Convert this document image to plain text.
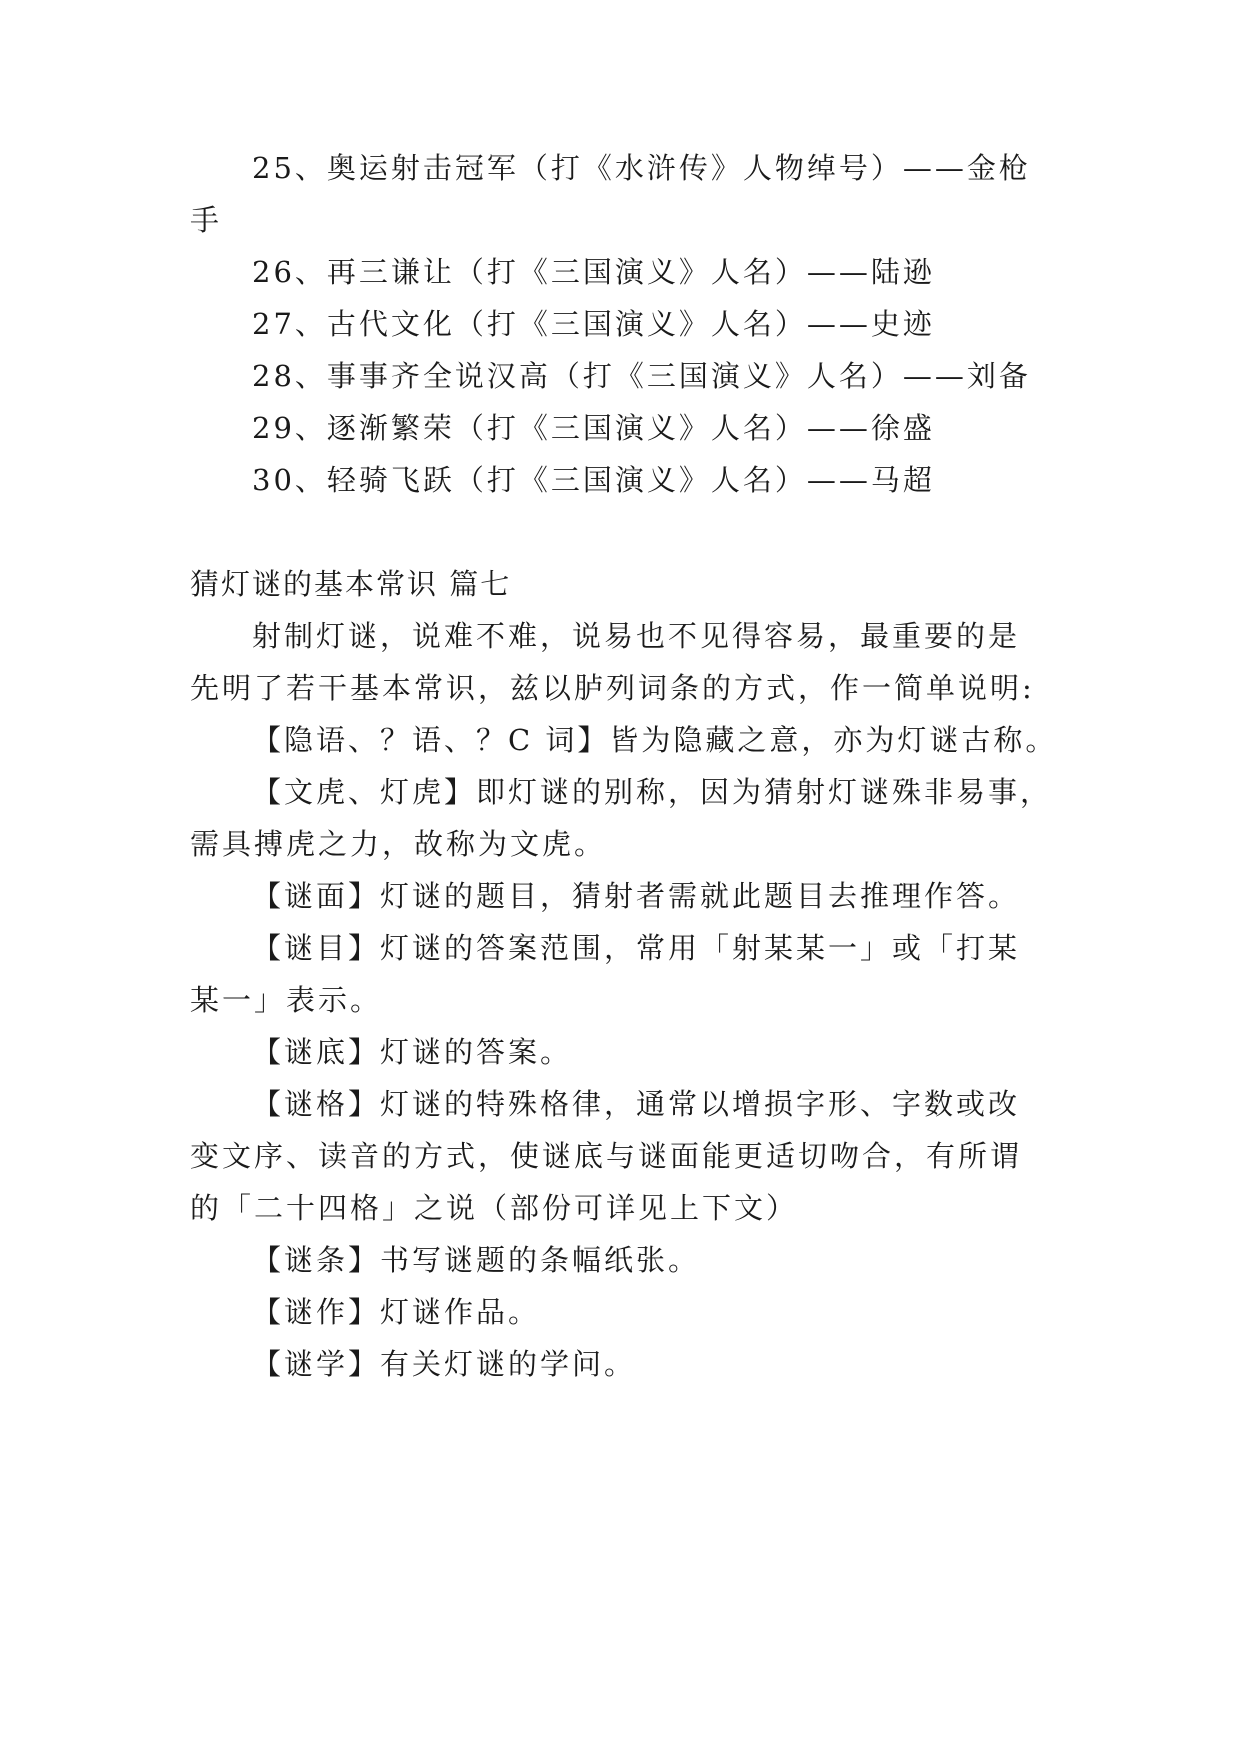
25、奥运射击冠军（打《水浒传》人物绰号）——金枪
手
26、再三谦让（打《三国演义》人名）——陆逊
27、古代文化（打《三国演义》人名）——史迹
28、事事齐全说汉高（打《三国演义》人名）——刘备
29、逐渐繁荣（打《三国演义》人名）——徐盛
30、轻骑飞跃（打《三国演义》人名）——马超
猜灯谜的基本常识 篇七
射制灯谜，说难不难，说易也不见得容易，最重要的是
先明了若干基本常识，兹以胪列词条的方式，作一简单说明:
【隐语、？语、？C 词】皆为隐藏之意，亦为灯谜古称。
【文虎、灯虎】即灯谜的别称，因为猜射灯谜殊非易事，
需具搏虎之力，故称为文虎。
【谜面】灯谜的题目，猜射者需就此题目去推理作答。
【谜目】灯谜的答案范围，常用「射某某一」或「打某
某一」表示。
【谜底】灯谜的答案。
【谜格】灯谜的特殊格律，通常以增损字形、字数或改
变文序、读音的方式，使谜底与谜面能更适切吻合，有所谓
的「二十四格」之说（部份可详见上下文）
【谜条】书写谜题的条幅纸张。
【谜作】灯谜作品。
【谜学】有关灯谜的学问。
